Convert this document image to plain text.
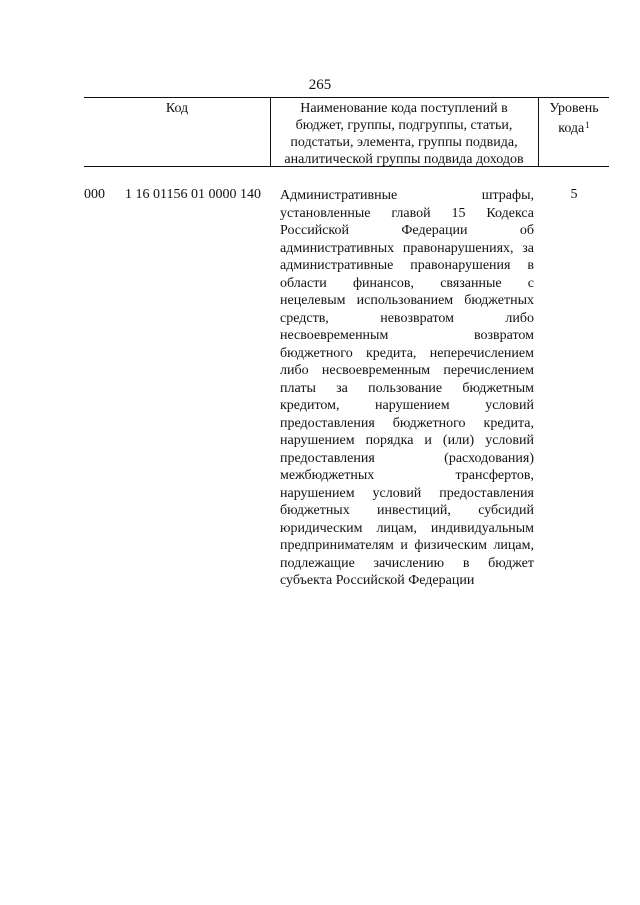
265
Код	Наименование кода поступлений в
бюджет, группы, подгруппы, статьи,
подстатьи, элемента, группы подвида,
аналитической группы подвида доходов
Уровень
кода$^1$
000 1 16 01156 01 0000 140 Административные штрафы,
установленные главой 15 Кодекса
Российской Федерации об
административных правонарушениях, за
административные правонарушения в
области финансов, связанные с
нецелевым использованием бюджетных
средств, невозвратом либо
несвоевременным возвратом
бюджетного кредита, неперечислением
либо несвоевременным перечислением
платы за пользование бюджетным
кредитом, нарушением условий
предоставления бюджетного кредита,
нарушением порядка и (или) условий
предоставления (расходования)
межбюджетных трансфертов,
нарушением условий предоставления
бюджетных инвестиций, субсидий
юридическим лицам, индивидуальным
предпринимателям и физическим лицам,
подлежащие зачислению в бюджет
субъекта Российской Федерации
5
